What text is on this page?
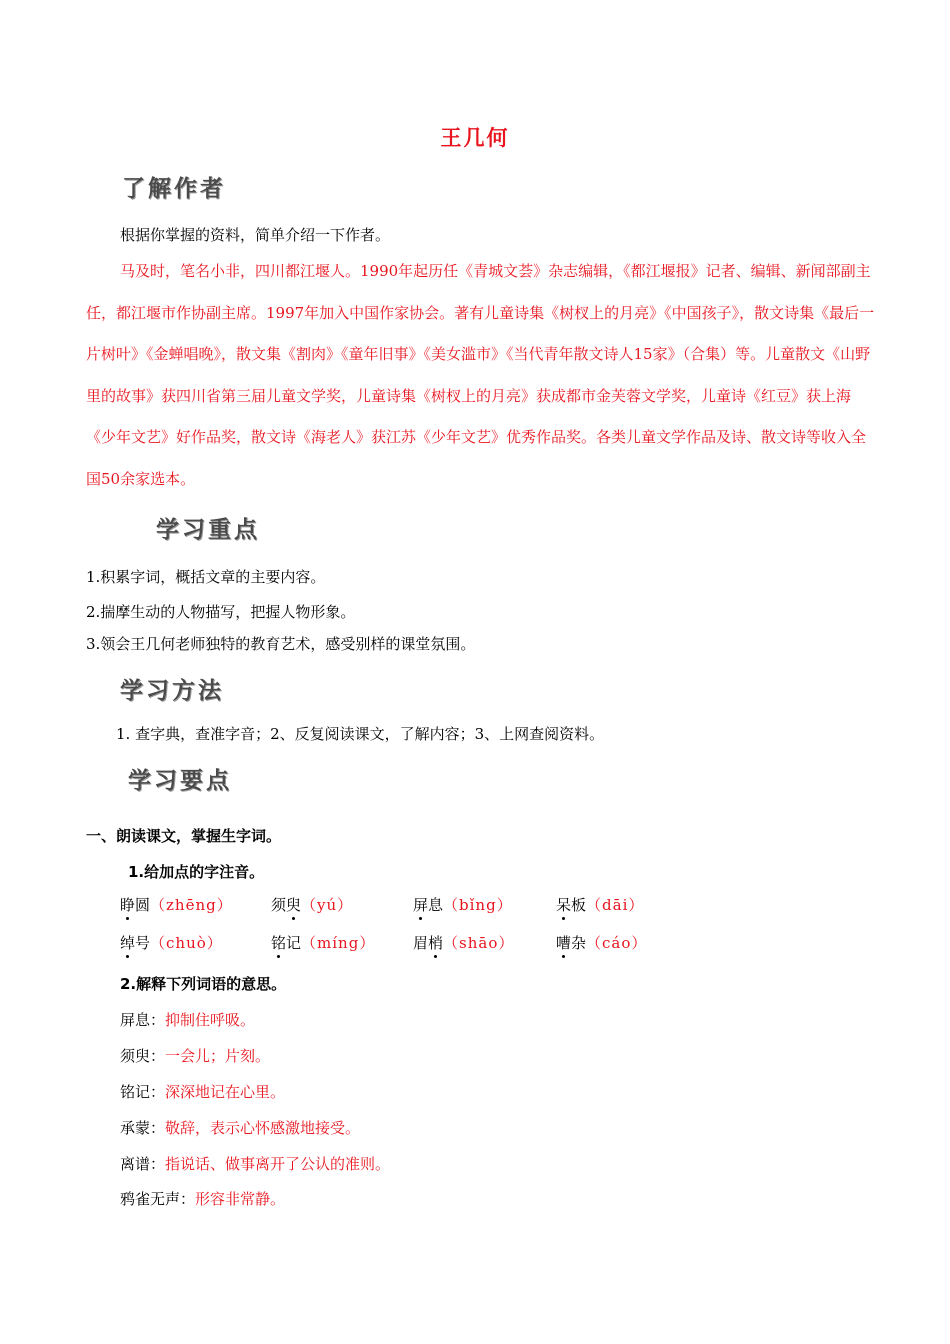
王几何
了解作者
根据你掌握的资料，简单介绍一下作者。
马及时，笔名小非，四川都江堰人。1990年起历任《青城文荟》杂志编辑，《都江堰报》记者、编辑、新闻部副主任，都江堰市作协副主席。1997年加入中国作家协会。著有儿童诗集《树杈上的月亮》《中国孩子》，散文诗集《最后一片树叶》《金蝉唱晚》，散文集《割肉》《童年旧事》《美女滥市》《当代青年散文诗人15家》（合集）等。儿童散文《山野里的故事》获四川省第三届儿童文学奖，儿童诗集《树杈上的月亮》获成都市金芙蓉文学奖，儿童诗《红豆》获上海《少年文艺》好作品奖，散文诗《海老人》获江苏《少年文艺》优秀作品奖。各类儿童文学作品及诗、散文诗等收入全国50余家选本。
学习重点
1.积累字词，概括文章的主要内容。
2.揣摩生动的人物描写，把握人物形象。
3.领会王几何老师独特的教育艺术，感受别样的课堂氛围。
学习方法
1. 查字典，查准字音；2、反复阅读课文，了解内容；3、上网查阅资料。
学习要点
一、朗读课文，掌握生字词。
1.给加点的字注音。
睁圆（zhēng）	须臾（yú）	屏息（bǐng）	呆板（dāi）
绰号（chuò）	铭记（míng）	眉梢（shāo）	嘈杂（cáo）
2.解释下列词语的意思。
屏息：抑制住呼吸。
须臾：一会儿；片刻。
铭记：深深地记在心里。
承蒙：敬辞，表示心怀感激地接受。
离谱：指说话、做事离开了公认的准则。
鸦雀无声：形容非常静。
